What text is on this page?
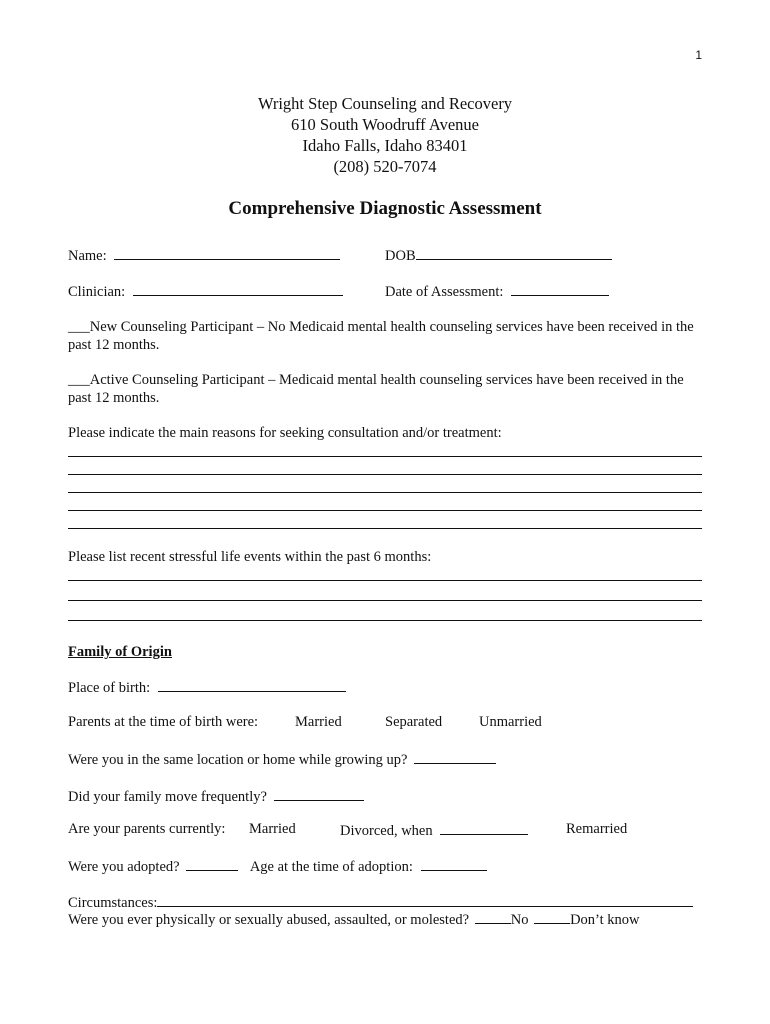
1
Wright Step Counseling and Recovery
610 South Woodruff Avenue
Idaho Falls, Idaho 83401
(208) 520-7074
Comprehensive Diagnostic Assessment
Name:	DOB
Clinician:	Date of Assessment:
___New Counseling Participant – No Medicaid mental health counseling services have been received in the past 12 months.
___Active Counseling Participant – Medicaid mental health counseling services have been received in the past 12 months.
Please indicate the main reasons for seeking consultation and/or treatment:
Please list recent stressful life events within the past 6 months:
Family of Origin
Place of birth:
Parents at the time of birth were:	Married	Separated	Unmarried
Were you in the same location or home while growing up?
Did your family move frequently?
Are your parents currently: Married	Divorced, when	Remarried
Were you adopted?	Age at the time of adoption:
Circumstances:
Were you ever physically or sexually abused, assaulted, or molested?	No	Don’t know
